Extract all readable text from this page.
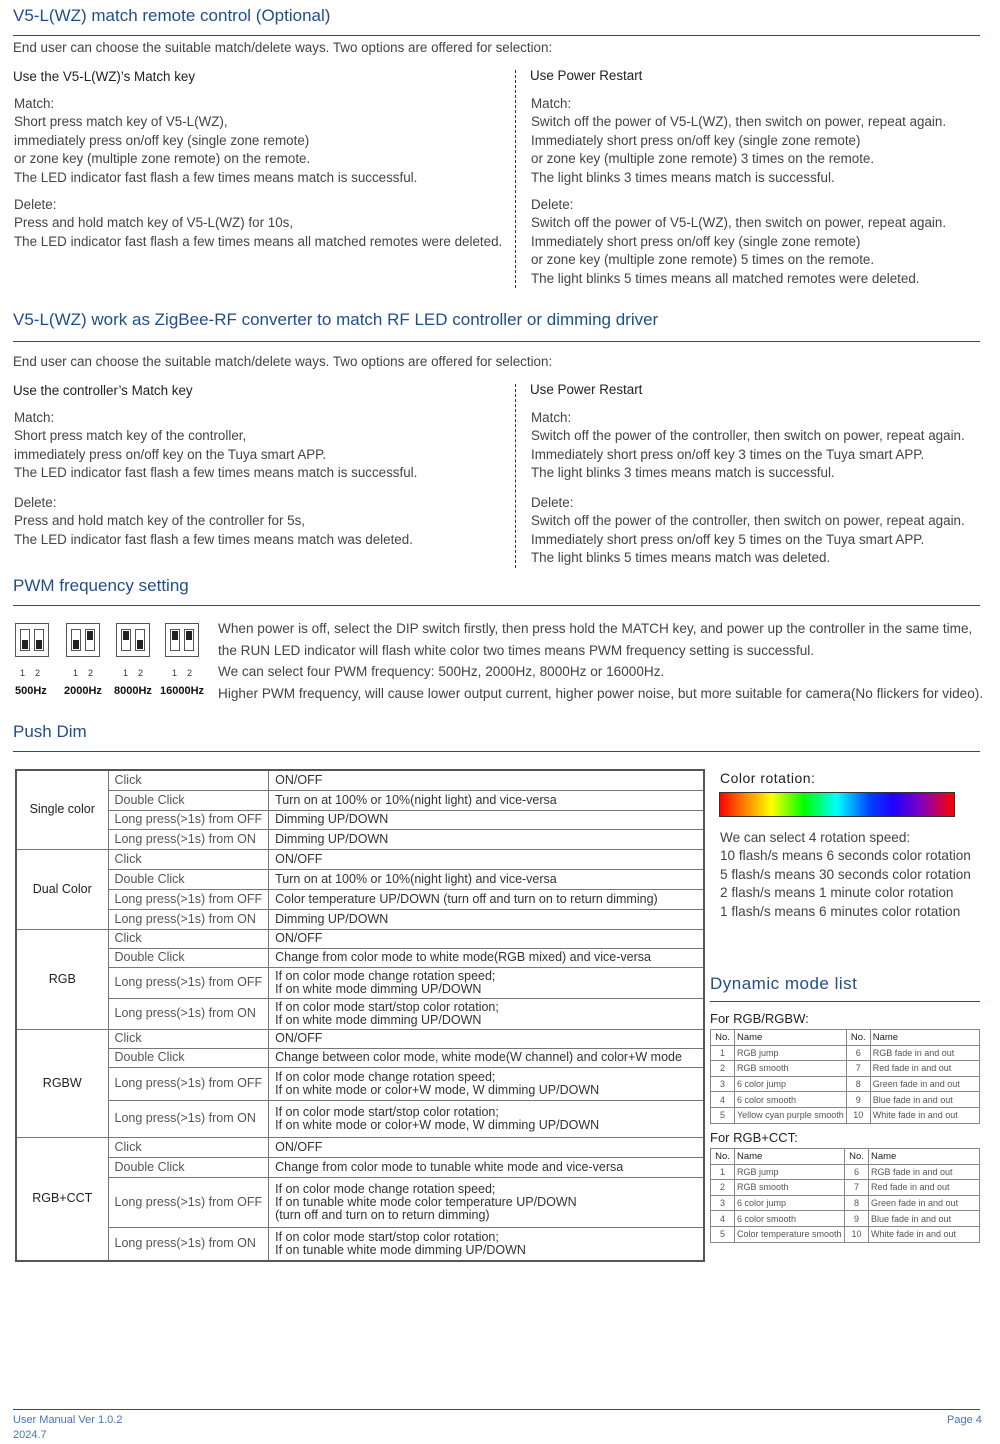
V5-L(WZ) match remote control (Optional)
End user can choose the suitable match/delete ways. Two options are offered for selection:
Use the V5-L(WZ)’s Match key
Match:
Short press match key of V5-L(WZ),
immediately press on/off key (single zone remote)
or zone key (multiple zone remote) on the remote.
The LED indicator fast flash a few times means match is successful.
Delete:
Press and hold match key of V5-L(WZ) for 10s,
The LED indicator fast flash a few times means all matched remotes were deleted.
Use Power Restart
Match:
Switch off the power of V5-L(WZ), then switch on power, repeat again.
Immediately short press on/off key (single zone remote)
or zone key (multiple zone remote) 3 times on the remote.
The light blinks 3 times means match is successful.
Delete:
Switch off the power of V5-L(WZ), then switch on power, repeat again.
Immediately short press on/off key (single zone remote)
or zone key (multiple zone remote) 5 times on the remote.
The light blinks 5 times means all matched remotes were deleted.
V5-L(WZ) work as ZigBee-RF converter to match RF LED controller or dimming driver
End user can choose the suitable match/delete ways. Two options are offered for selection:
Use the controller’s Match key
Match:
Short press match key of the controller,
immediately press on/off key on the Tuya smart APP.
The LED indicator fast flash a few times means match is successful.
Delete:
Press and hold match key of the controller for 5s,
The LED indicator fast flash a few times means match was deleted.
Use Power Restart
Match:
Switch off the power of the controller, then switch on power, repeat again.
Immediately short press on/off key 3 times on the Tuya smart APP.
The light blinks 3 times means match is successful.
Delete:
Switch off the power of the controller, then switch on power, repeat again.
Immediately short press on/off key 5 times on the Tuya smart APP.
The light blinks 5 times means match was deleted.
PWM frequency setting
1 2
500Hz
1 2
2000Hz
1 2
8000Hz
1 2
16000Hz
When power is off, select the DIP switch firstly, then press hold the MATCH key, and power up the controller in the same time,
the RUN LED indicator will flash white color two times means PWM frequency setting is successful.
We can select four PWM frequency: 500Hz, 2000Hz, 8000Hz or 16000Hz.
Higher PWM frequency, will cause lower output current, higher power noise, but more suitable for camera(No flickers for video).
Push Dim
Single color	Click	ON/OFF

	Double Click	Turn on at 100% or 10%(night light) and vice-versa

	Long press(>1s) from OFF	Dimming UP/DOWN

	Long press(>1s) from ON	Dimming UP/DOWN

Dual Color	Click	ON/OFF

	Double Click	Turn on at 100% or 10%(night light) and vice-versa

	Long press(>1s) from OFF	Color temperature UP/DOWN (turn off and turn on to return dimming)

	Long press(>1s) from ON	Dimming UP/DOWN

RGB	Click	ON/OFF

	Double Click	Change from color mode to white mode(RGB mixed) and vice-versa

	Long press(>1s) from OFF	If on color mode change rotation speed;
If on white mode dimming UP/DOWN

	Long press(>1s) from ON	If on color mode start/stop color rotation;
If on white mode dimming UP/DOWN

RGBW	Click	ON/OFF

	Double Click	Change between color mode, white mode(W channel) and color+W mode

	Long press(>1s) from OFF	If on color mode change rotation speed;
If on white mode or color+W mode, W dimming UP/DOWN

	Long press(>1s) from ON	If on color mode start/stop color rotation;
If on white mode or color+W mode, W dimming UP/DOWN

RGB+CCT	Click	ON/OFF

	Double Click	Change from color mode to tunable white mode and vice-versa

	Long press(>1s) from OFF	If on color mode change rotation speed;
If on tunable white mode color temperature UP/DOWN
(turn off and turn on to return dimming)

	Long press(>1s) from ON	If on color mode start/stop color rotation;
If on tunable white mode dimming UP/DOWN
Color rotation:
We can select 4 rotation speed:
10 flash/s means 6 seconds color rotation
5 flash/s means 30 seconds color rotation
2 flash/s means 1 minute color rotation
1 flash/s means 6 minutes color rotation
Dynamic mode list
For RGB/RGBW:
No.	Name	No.	Name
1	RGB jump	6	RGB fade in and out
2	RGB smooth	7	Red fade in and out
3	6 color jump	8	Green fade in and out
4	6 color smooth	9	Blue fade in and out
5	Yellow cyan purple smooth	10	White fade in and out
For RGB+CCT:
No.	Name	No.	Name
1	RGB jump	6	RGB fade in and out
2	RGB smooth	7	Red fade in and out
3	6 color jump	8	Green fade in and out
4	6 color smooth	9	Blue fade in and out
5	Color temperature smooth	10	White fade in and out
User Manual Ver 1.0.2
2024.7
Page 4
